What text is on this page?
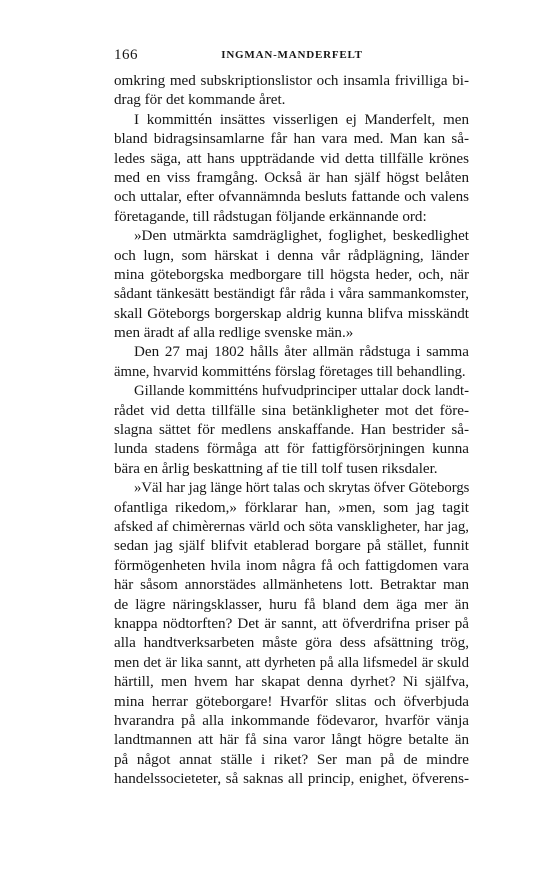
166	INGMAN-MANDERFELT
omkring med subskriptionslistor och insamla frivilliga bi-
drag för det kommande året.
I kommittén insättes visserligen ej Manderfelt, men
bland bidragsinsamlarne får han vara med. Man kan så-
ledes säga, att hans uppträdande vid detta tillfälle krönes
med en viss framgång. Också är han själf högst belåten
och uttalar, efter ofvannämnda besluts fattande och valens
företagande, till rådstugan följande erkännande ord:
»Den utmärkta samdräglighet, foglighet, beskedlighet
och lugn, som härskat i denna vår rådplägning, länder
mina göteborgska medborgare till högsta heder, och, när
sådant tänkesätt beständigt får råda i våra sammankomster,
skall Göteborgs borgerskap aldrig kunna blifva misskändt
men äradt af alla redlige svenske män.»
Den 27 maj 1802 hålls åter allmän rådstuga i samma
ämne, hvarvid kommitténs förslag företages till behandling.
Gillande kommitténs hufvudprinciper uttalar dock landt-
rådet vid detta tillfälle sina betänkligheter mot det före-
slagna sättet för medlens anskaffande. Han bestrider så-
lunda stadens förmåga att för fattigförsörjningen kunna
bära en årlig beskattning af tie till tolf tusen riksdaler.
»Väl har jag länge hört talas och skrytas öfver Göteborgs
ofantliga rikedom,» förklarar han, »men, som jag tagit
afsked af chimèrernas värld och söta vanskligheter, har jag,
sedan jag själf blifvit etablerad borgare på stället, funnit
förmögenheten hvila inom några få och fattigdomen vara
här såsom annorstädes allmänhetens lott. Betraktar man
de lägre näringsklasser, huru få bland dem äga mer än
knappa nödtorften? Det är sannt, att öfverdrifna priser på
alla handtverksarbeten måste göra dess afsättning trög,
men det är lika sannt, att dyrheten på alla lifsmedel är skuld
härtill, men hvem har skapat denna dyrhet? Ni själfva,
mina herrar göteborgare! Hvarför slitas och öfverbjuda
hvarandra på alla inkommande födevaror, hvarför vänja
landtmannen att här få sina varor långt högre betalte än
på något annat ställe i riket? Ser man på de mindre
handelssocieteter, så saknas all princip, enighet, öfverens-
